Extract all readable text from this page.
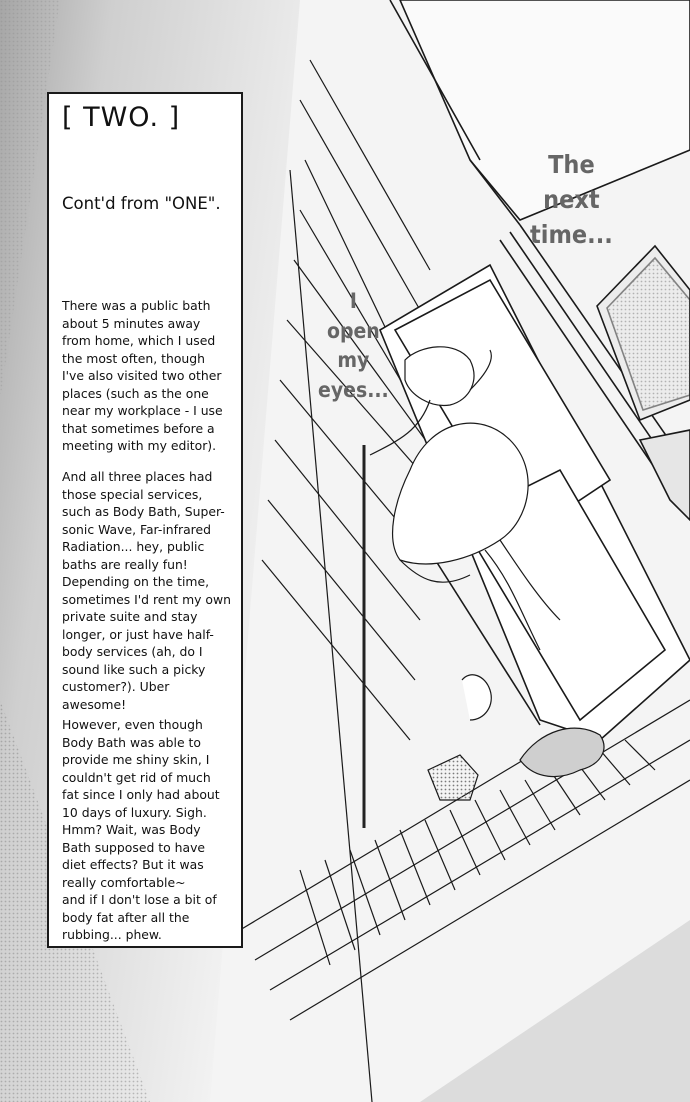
[ TWO. ]
Cont'd from "ONE".
There was a public bath
about 5 minutes away
from home, which I used
the most often, though
I've also visited two other
places (such as the one
near my workplace - I use
that sometimes before a
meeting with my editor).
And all three places had
those special services,
such as Body Bath, Super-
sonic Wave, Far-infrared
Radiation... hey, public
baths are really fun!
Depending on the time,
sometimes I'd rent my own
private suite and stay
longer, or just have half-
body services (ah, do I
sound like such a picky
customer?). Uber
awesome!
However, even though
Body Bath was able to
provide me shiny skin, I
couldn't get rid of much
fat since I only had about
10 days of luxury. Sigh.
Hmm? Wait, was Body
Bath supposed to have
diet effects? But it was
really comfortable~
and if I don't lose a bit of
body fat after all the
rubbing... phew.
The
next
time...
I
open
my
eyes...
